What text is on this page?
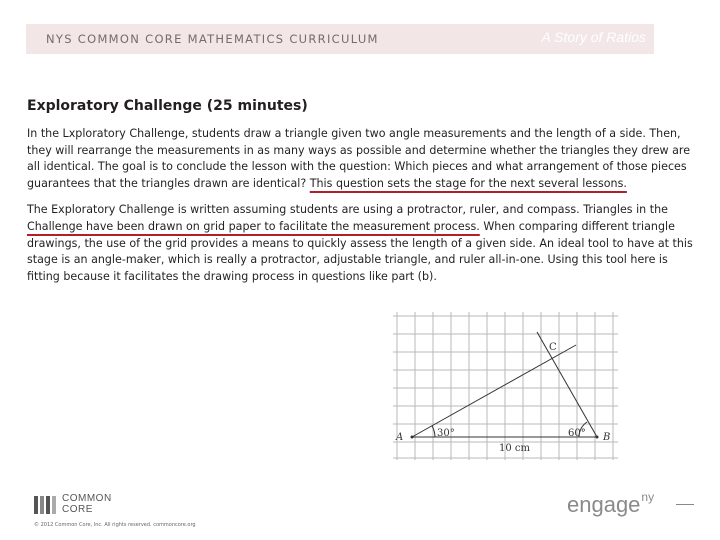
NYS COMMON CORE MATHEMATICS CURRICULUM	A Story of Ratios
Exploratory Challenge (25 minutes)
In the Lxploratory Challenge, students draw a triangle given two angle measurements and the length of a side. Then,
they will rearrange the measurements in as many ways as possible and determine whether the triangles they drew are
all identical. The goal is to conclude the lesson with the question: Which pieces and what arrangement of those pieces
guarantees that the triangles drawn are identical? This question sets the stage for the next several lessons.
The Exploratory Challenge is written assuming students are using a protractor, ruler, and compass. Triangles in the
Challenge have been drawn on grid paper to facilitate the measurement process. When comparing different triangle
drawings, the use of the grid provides a means to quickly assess the length of a given side. An ideal tool to have at this
stage is an angle-maker, which is really a protractor, adjustable triangle, and ruler all-in-one. Using this tool here is
fitting because it facilitates the drawing process in questions like part (b).
A	B
C
30°	60°
10 cm
COMMON
CORE
© 2012 Common Core, Inc. All rights reserved. commoncore.org
engage$^{ny}$
